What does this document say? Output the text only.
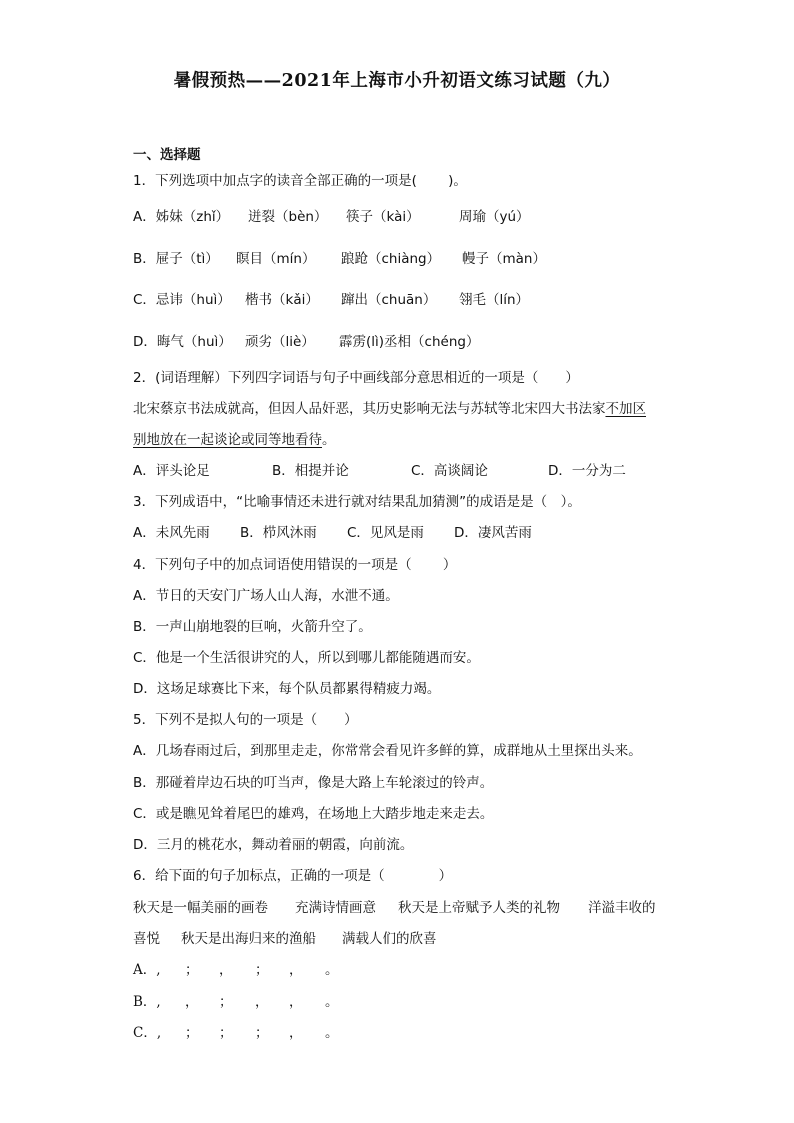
暑假预热——2021年上海市小升初语文练习试题（九）
一、选择题
1．下列选项中加点字的读音全部正确的一项是(　　 )。
A．姊妹（zhǐ） 迸裂（bèn） 筷子（kài）	周瑜（yú）
B．屉子（tì） 瞑目（mín） 踉跄（chiàng） 幔子（màn）
C．忌讳（huì） 楷书（kǎi） 蹿出（chuān） 翎毛（lín）
D．晦气（huì） 顽劣（liè） 霹雳(lì)丞相（chéng）
2．(词语理解）下列四字词语与句子中画线部分意思相近的一项是（　　）
北宋蔡京书法成就高，但因人品奸恶，其历史影响无法与苏轼等北宋四大书法家不加区
别地放在一起谈论或同等地看待。
A．评头论足	B．相提并论	C．高谈阔论	D．一分为二
3．下列成语中，“比喻事情还未进行就对结果乱加猜测”的成语是是（　）。
A．未风先雨 B．栉风沐雨 C．见风是雨 D．凄风苦雨
4．下列句子中的加点词语使用错误的一项是（　　 ）
A．节日的天安门广场人山人海，水泄不通。
B．一声山崩地裂的巨响，火箭升空了。
C．他是一个生活很讲究的人，所以到哪儿都能随遇而安。
D．这场足球赛比下来，每个队员都累得精疲力竭。
5．下列不是拟人句的一项是（　　）
A．几场春雨过后，到那里走走，你常常会看见许多鲜的算，成群地从土里探出头来。
B．那碰着岸边石块的叮当声，像是大路上车轮滚过的铃声。
C．或是瞧见耸着尾巴的雄鸡，在场地上大踏步地走来走去。
D．三月的桃花水，舞动着丽的朝霞，向前流。
6．给下面的句子加标点，正确的一项是（　　　　）
秋天是一幅美丽的画卷 充满诗情画意 秋天是上帝赋予人类的礼物 洋溢丰收的
喜悦 秋天是出海归来的渔船 满载人们的欣喜
A．, ； ， ； ， 。
B．, ， ； ， ， 。
C．, ； ； ； ， 。
